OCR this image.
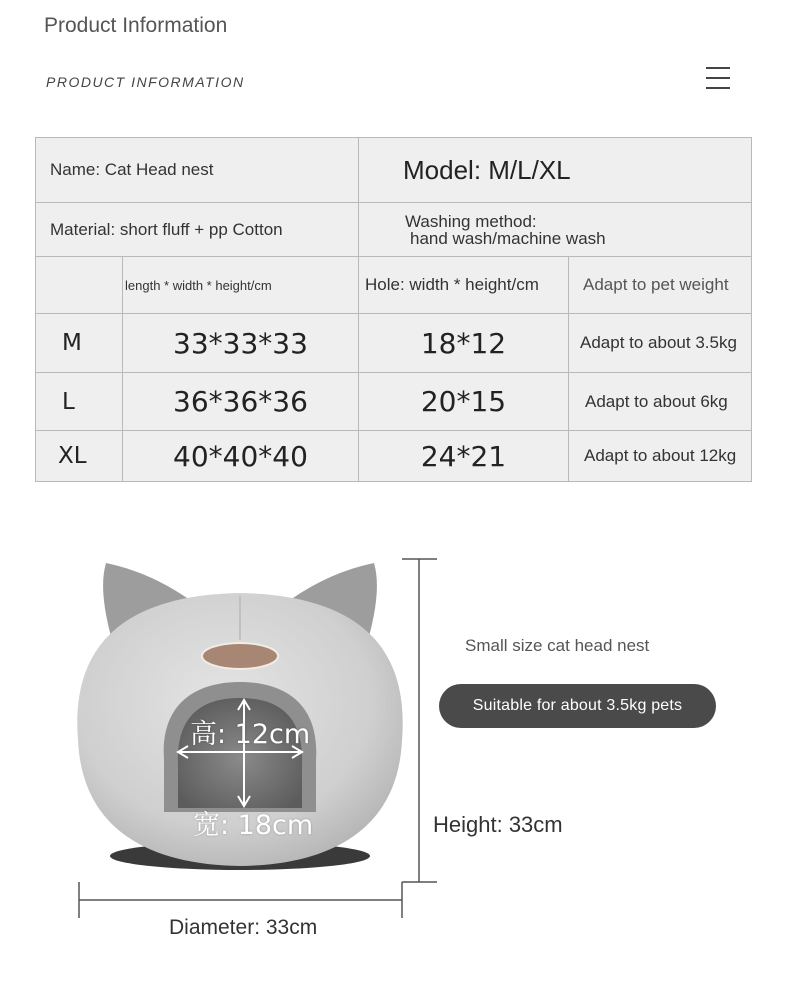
Product Information
PRODUCT INFORMATION
Name: Cat Head nest		Model: M/L/XL	
Material: short fluff + pp Cotton		Washing method:
hand wash/machine wash	

	length * width * height/cm	Hole: width * height/cm	Adapt to pet weight
M	33*33*33	18*12	Adapt to about 3.5kg
L	36*36*36	20*15	Adapt to about 6kg
XL	40*40*40	24*21	Adapt to about 12kg
高: 12cm
宽: 18cm
Small size cat head nest
Suitable for about 3.5kg pets
Height: 33cm
Diameter: 33cm
